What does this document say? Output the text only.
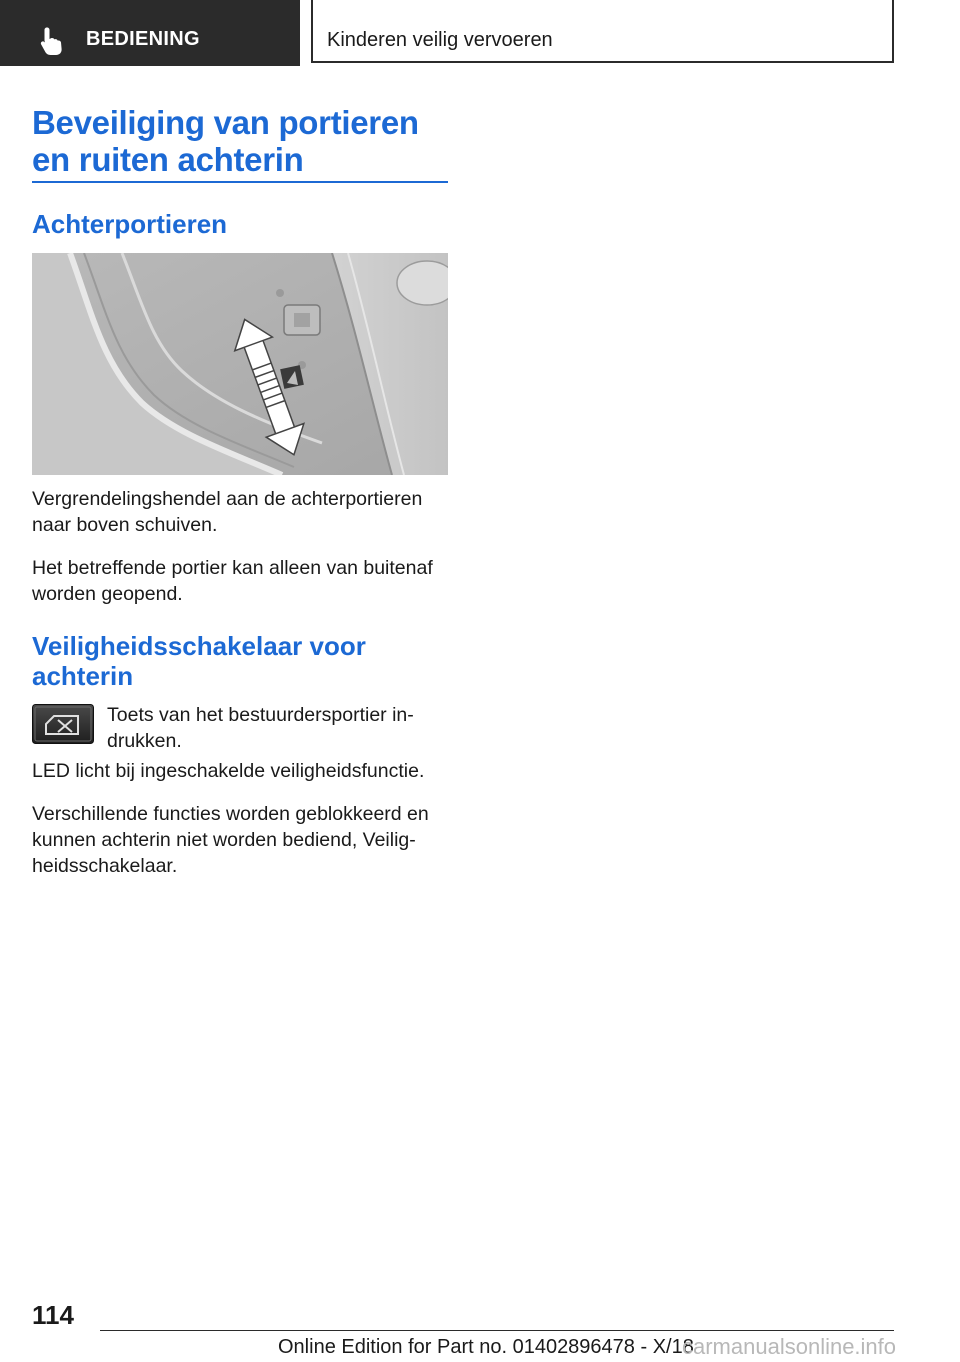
BEDIENING	Kinderen veilig vervoeren
Beveiliging van portieren en ruiten achterin
Achterportieren

Vergrendelingshendel aan de achterportieren naar boven schuiven.

Het betreffende portier kan alleen van buitenaf worden geopend.

Veiligheidsschakelaar voor achterin

Toets van het bestuurdersportier in- drukken.

LED licht bij ingeschakelde veiligheidsfunctie.

Verschillende functies worden geblokkeerd en kunnen achterin niet worden bediend, Veilig- heidsschakelaar.

114
Online Edition for Part no. 01402896478 - X/18
carmanualsonline.info
